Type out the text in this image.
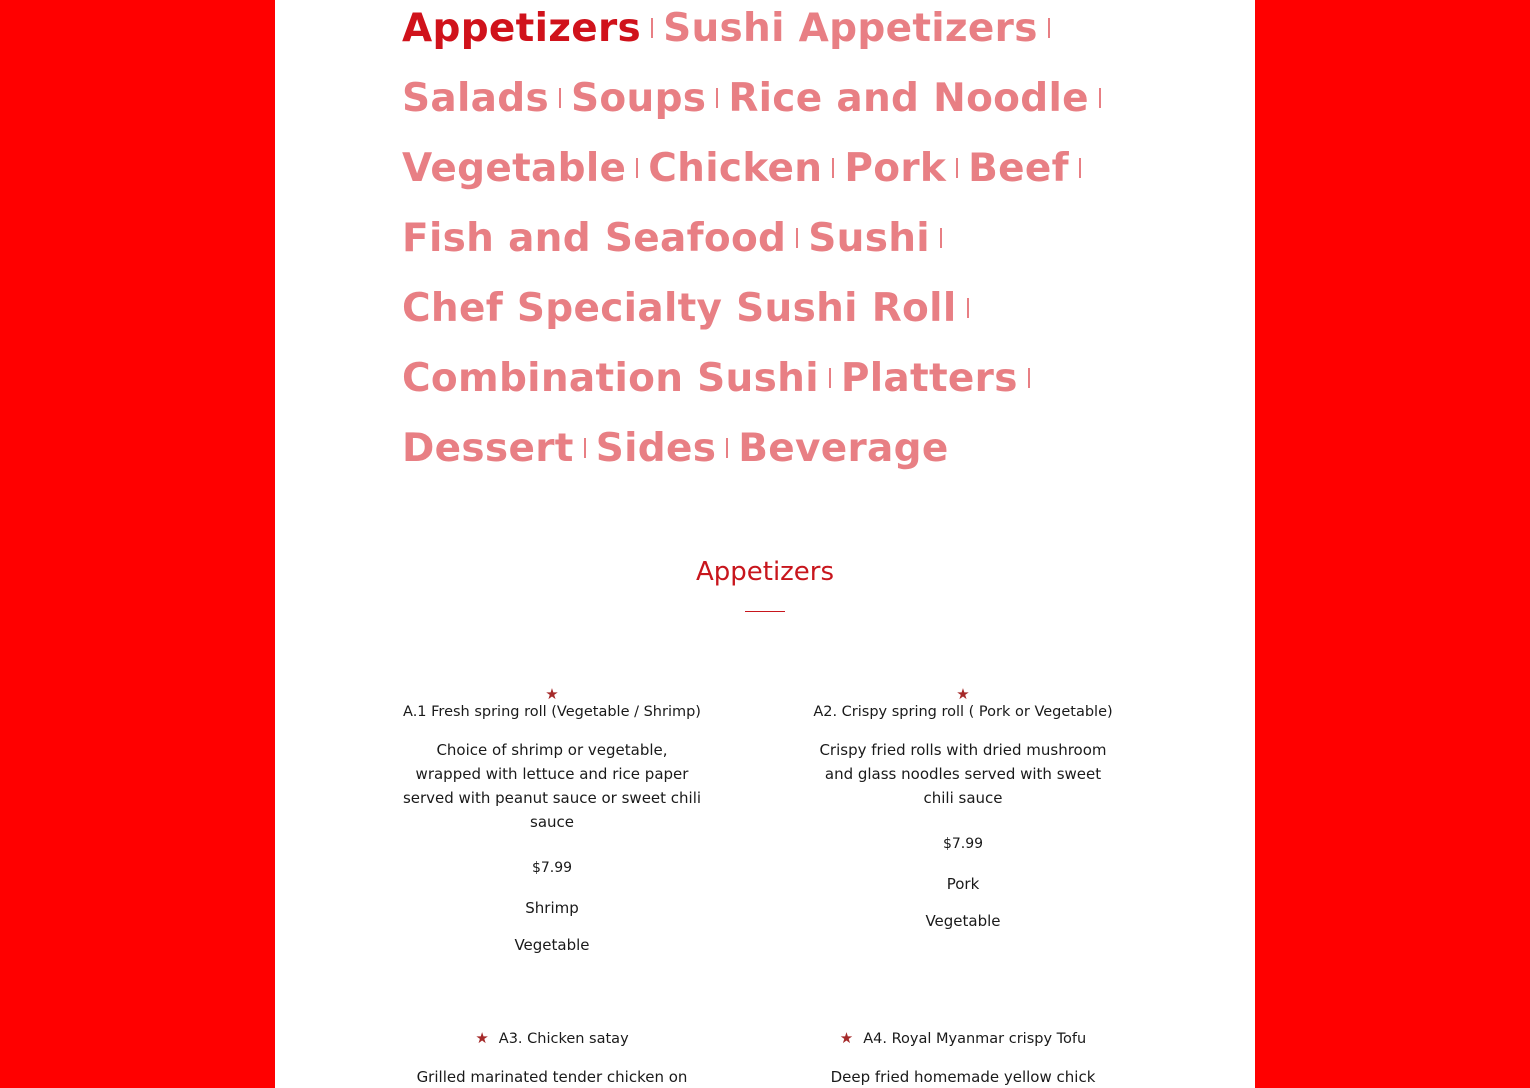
Appetizers Sushi Appetizers
Salads Soups Rice and Noodle
Vegetable Chicken Pork Beef
Fish and Seafood Sushi
Chef Specialty Sushi Roll
Combination Sushi Platters
Dessert Sides Beverage
Appetizers
★
A.1 Fresh spring roll (Vegetable / Shrimp)
Choice of shrimp or vegetable, wrapped with lettuce and rice paper served with peanut sauce or sweet chili sauce
$7.99
Shrimp
Vegetable
★
A2. Crispy spring roll ( Pork or Vegetable)
Crispy fried rolls with dried mushroom and glass noodles served with sweet chili sauce
$7.99
Pork
Vegetable
★ A3. Chicken satay
Grilled marinated tender chicken on
★ A4. Royal Myanmar crispy Tofu
Deep fried homemade yellow chick
